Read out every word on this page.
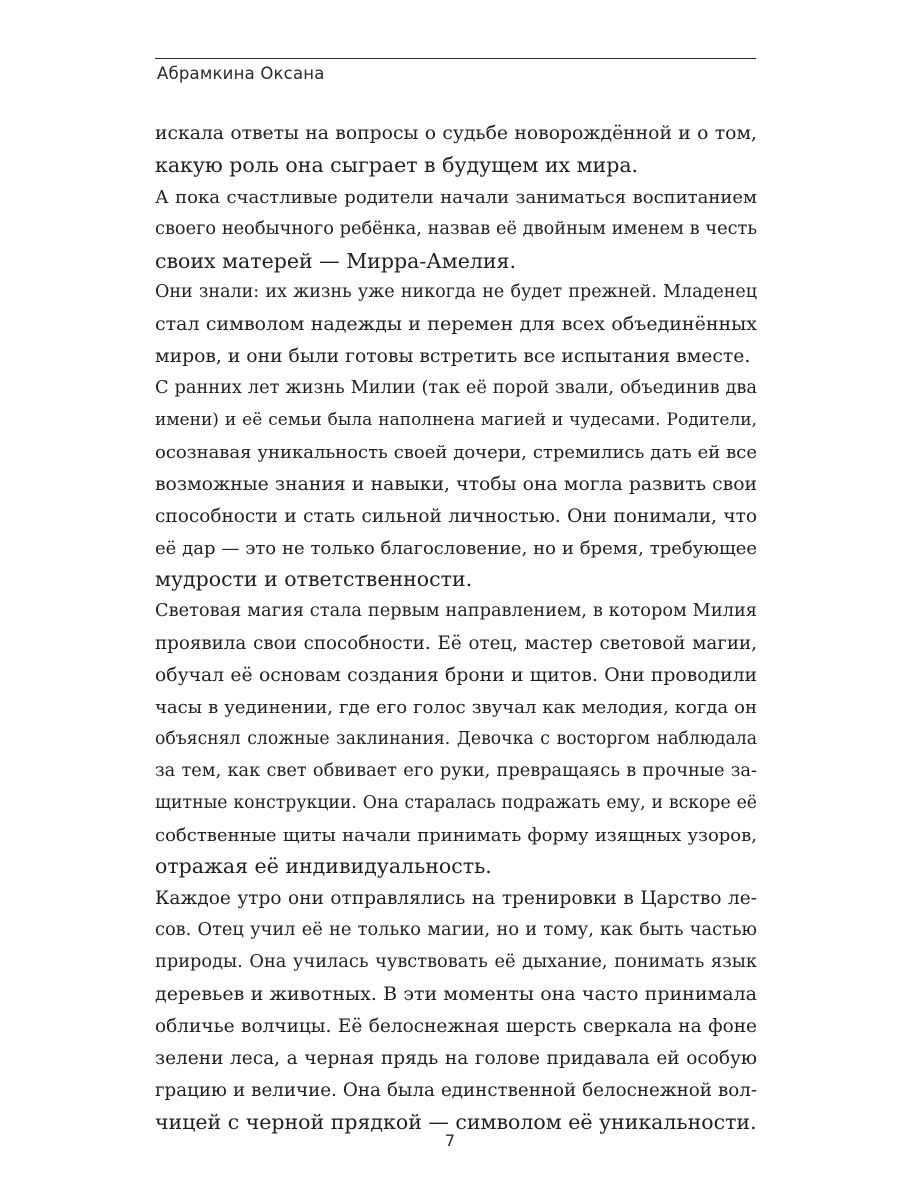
Абрамкина Оксана
искала ответы на вопросы о судьбе новорождённой и о том,
какую роль она сыграет в будущем их мира.
А пока счастливые родители начали заниматься воспитанием
своего необычного ребёнка, назвав её двойным именем в честь
своих матерей — Мирра-Амелия.
Они знали: их жизнь уже никогда не будет прежней. Младенец
стал символом надежды и перемен для всех объединённых
миров, и они были готовы встретить все испытания вместе.
С ранних лет жизнь Милии (так её порой звали, объединив два
имени) и её семьи была наполнена магией и чудесами. Родители,
осознавая уникальность своей дочери, стремились дать ей все
возможные знания и навыки, чтобы она могла развить свои
способности и стать сильной личностью. Они понимали, что
её дар — это не только благословение, но и бремя, требующее
мудрости и ответственности.
Световая магия стала первым направлением, в котором Милия
проявила свои способности. Её отец, мастер световой магии,
обучал её основам создания брони и щитов. Они проводили
часы в уединении, где его голос звучал как мелодия, когда он
объяснял сложные заклинания. Девочка с восторгом наблюдала
за тем, как свет обвивает его руки, превращаясь в прочные за-
щитные конструкции. Она старалась подражать ему, и вскоре её
собственные щиты начали принимать форму изящных узоров,
отражая её индивидуальность.
Каждое утро они отправлялись на тренировки в Царство ле-
сов. Отец учил её не только магии, но и тому, как быть частью
природы. Она училась чувствовать её дыхание, понимать язык
деревьев и животных. В эти моменты она часто принимала
обличье волчицы. Её белоснежная шерсть сверкала на фоне
зелени леса, а черная прядь на голове придавала ей особую
грацию и величие. Она была единственной белоснежной вол-
чицей с черной прядкой — символом её уникальности.
7
